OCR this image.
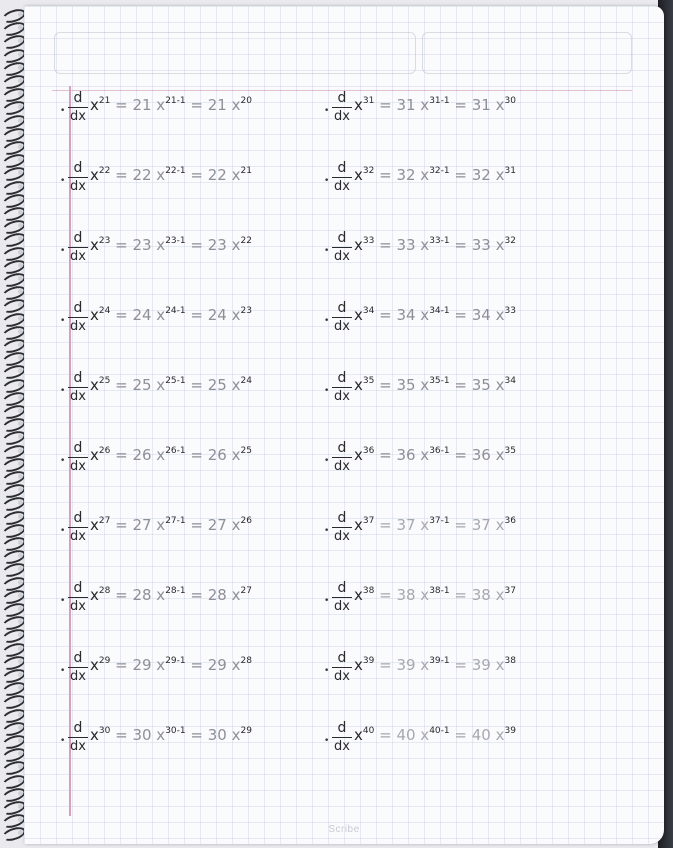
•
d
dx
$x^{21} = 21$ $x^{21-1} = 21$ $x^{20}$
•
d
dx
$x^{22} = 22$ $x^{22-1} = 22$ $x^{21}$
•
d
dx
$x^{23} = 23$ $x^{23-1} = 23$ $x^{22}$
•
d
dx
$x^{24} = 24$ $x^{24-1} = 24$ $x^{23}$
•
d
dx
$x^{25} = 25$ $x^{25-1} = 25$ $x^{24}$
•
d
dx
$x^{26} = 26$ $x^{26-1} = 26$ $x^{25}$
•
d
dx
$x^{27} = 27$ $x^{27-1} = 27$ $x^{26}$
•
d
dx
$x^{28} = 28$ $x^{28-1} = 28$ $x^{27}$
•
d
dx
$x^{29} = 29$ $x^{29-1} = 29$ $x^{28}$
•
d
dx
$x^{30} = 30$ $x^{30-1} = 30$ $x^{29}$
•
d
dx
$x^{31} = 31$ $x^{31-1} = 31$ $x^{30}$
•
d
dx
$x^{32} = 32$ $x^{32-1} = 32$ $x^{31}$
•
d
dx
$x^{33} = 33$ $x^{33-1} = 33$ $x^{32}$
•
d
dx
$x^{34} = 34$ $x^{34-1} = 34$ $x^{33}$
•
d
dx
$x^{35} = 35$ $x^{35-1} = 35$ $x^{34}$
•
d
dx
$x^{36} = 36$ $x^{36-1} = 36$ $x^{35}$
•
d
dx
$x^{37} = 37$ $x^{37-1} = 37$ $x^{36}$
•
d
dx
$x^{38} = 38$ $x^{38-1} = 38$ $x^{37}$
•
d
dx
$x^{39} = 39$ $x^{39-1} = 39$ $x^{38}$
•
d
dx
$x^{40} = 40$ $x^{40-1} = 40$ $x^{39}$
Scribe
